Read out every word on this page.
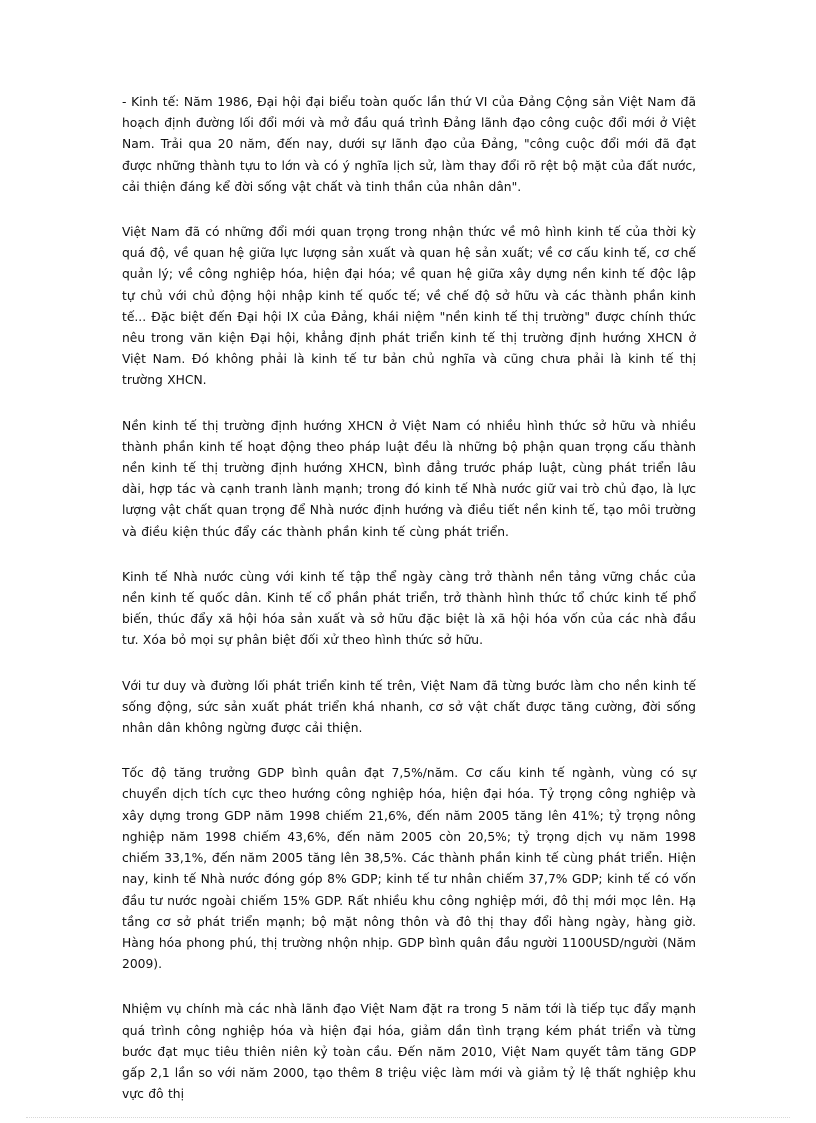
- Kinh tế: Năm 1986, Đại hội đại biểu toàn quốc lần thứ VI của Đảng Cộng sản Việt Nam đã hoạch định đường lối đổi mới và mở đầu quá trình Đảng lãnh đạo công cuộc đổi mới ở Việt Nam. Trải qua 20 năm, đến nay, dưới sự lãnh đạo của Đảng, "công cuộc đổi mới đã đạt được những thành tựu to lớn và có ý nghĩa lịch sử, làm thay đổi rõ rệt bộ mặt của đất nước, cải thiện đáng kể đời sống vật chất và tinh thần của nhân dân".

Việt Nam đã có những đổi mới quan trọng trong nhận thức về mô hình kinh tế của thời kỳ quá độ, về quan hệ giữa lực lượng sản xuất và quan hệ sản xuất; về cơ cấu kinh tế, cơ chế quản lý; về công nghiệp hóa, hiện đại hóa; về quan hệ giữa xây dựng nền kinh tế độc lập tự chủ với chủ động hội nhập kinh tế quốc tế; về chế độ sở hữu và các thành phần kinh tế... Đặc biệt đến Đại hội IX của Đảng, khái niệm "nền kinh tế thị trường" được chính thức nêu trong văn kiện Đại hội, khẳng định phát triển kinh tế thị trường định hướng XHCN ở Việt Nam. Đó không phải là kinh tế tư bản chủ nghĩa và cũng chưa phải là kinh tế thị trường XHCN.

Nền kinh tế thị trường định hướng XHCN ở Việt Nam có nhiều hình thức sở hữu và nhiều thành phần kinh tế hoạt động theo pháp luật đều là những bộ phận quan trọng cấu thành nền kinh tế thị trường định hướng XHCN, bình đẳng trước pháp luật, cùng phát triển lâu dài, hợp tác và cạnh tranh lành mạnh; trong đó kinh tế Nhà nước giữ vai trò chủ đạo, là lực lượng vật chất quan trọng để Nhà nước định hướng và điều tiết nền kinh tế, tạo môi trường và điều kiện thúc đẩy các thành phần kinh tế cùng phát triển.

Kinh tế Nhà nước cùng với kinh tế tập thể ngày càng trở thành nền tảng vững chắc của nền kinh tế quốc dân. Kinh tế cổ phần phát triển, trở thành hình thức tổ chức kinh tế phổ biến, thúc đẩy xã hội hóa sản xuất và sở hữu đặc biệt là xã hội hóa vốn của các nhà đầu tư. Xóa bỏ mọi sự phân biệt đối xử theo hình thức sở hữu.

Với tư duy và đường lối phát triển kinh tế trên, Việt Nam đã từng bước làm cho nền kinh tế sống động, sức sản xuất phát triển khá nhanh, cơ sở vật chất được tăng cường, đời sống nhân dân không ngừng được cải thiện.

Tốc độ tăng trưởng GDP bình quân đạt 7,5%/năm. Cơ cấu kinh tế ngành, vùng có sự chuyển dịch tích cực theo hướng công nghiệp hóa, hiện đại hóa. Tỷ trọng công nghiệp và xây dựng trong GDP năm 1998 chiếm 21,6%, đến năm 2005 tăng lên 41%; tỷ trọng nông nghiệp năm 1998 chiếm 43,6%, đến năm 2005 còn 20,5%; tỷ trọng dịch vụ năm 1998 chiếm 33,1%, đến năm 2005 tăng lên 38,5%. Các thành phần kinh tế cùng phát triển. Hiện nay, kinh tế Nhà nước đóng góp 8% GDP; kinh tế tư nhân chiếm 37,7% GDP; kinh tế có vốn đầu tư nước ngoài chiếm 15% GDP. Rất nhiều khu công nghiệp mới, đô thị mới mọc lên. Hạ tầng cơ sở phát triển mạnh; bộ mặt nông thôn và đô thị thay đổi hàng ngày, hàng giờ. Hàng hóa phong phú, thị trường nhộn nhịp. GDP bình quân đầu người 1100USD/người (Năm 2009).

Nhiệm vụ chính mà các nhà lãnh đạo Việt Nam đặt ra trong 5 năm tới là tiếp tục đẩy mạnh quá trình công nghiệp hóa và hiện đại hóa, giảm dần tình trạng kém phát triển và từng bước đạt mục tiêu thiên niên kỷ toàn cầu. Đến năm 2010, Việt Nam quyết tâm tăng GDP gấp 2,1 lần so với năm 2000, tạo thêm 8 triệu việc làm mới và giảm tỷ lệ thất nghiệp khu vực đô thị
